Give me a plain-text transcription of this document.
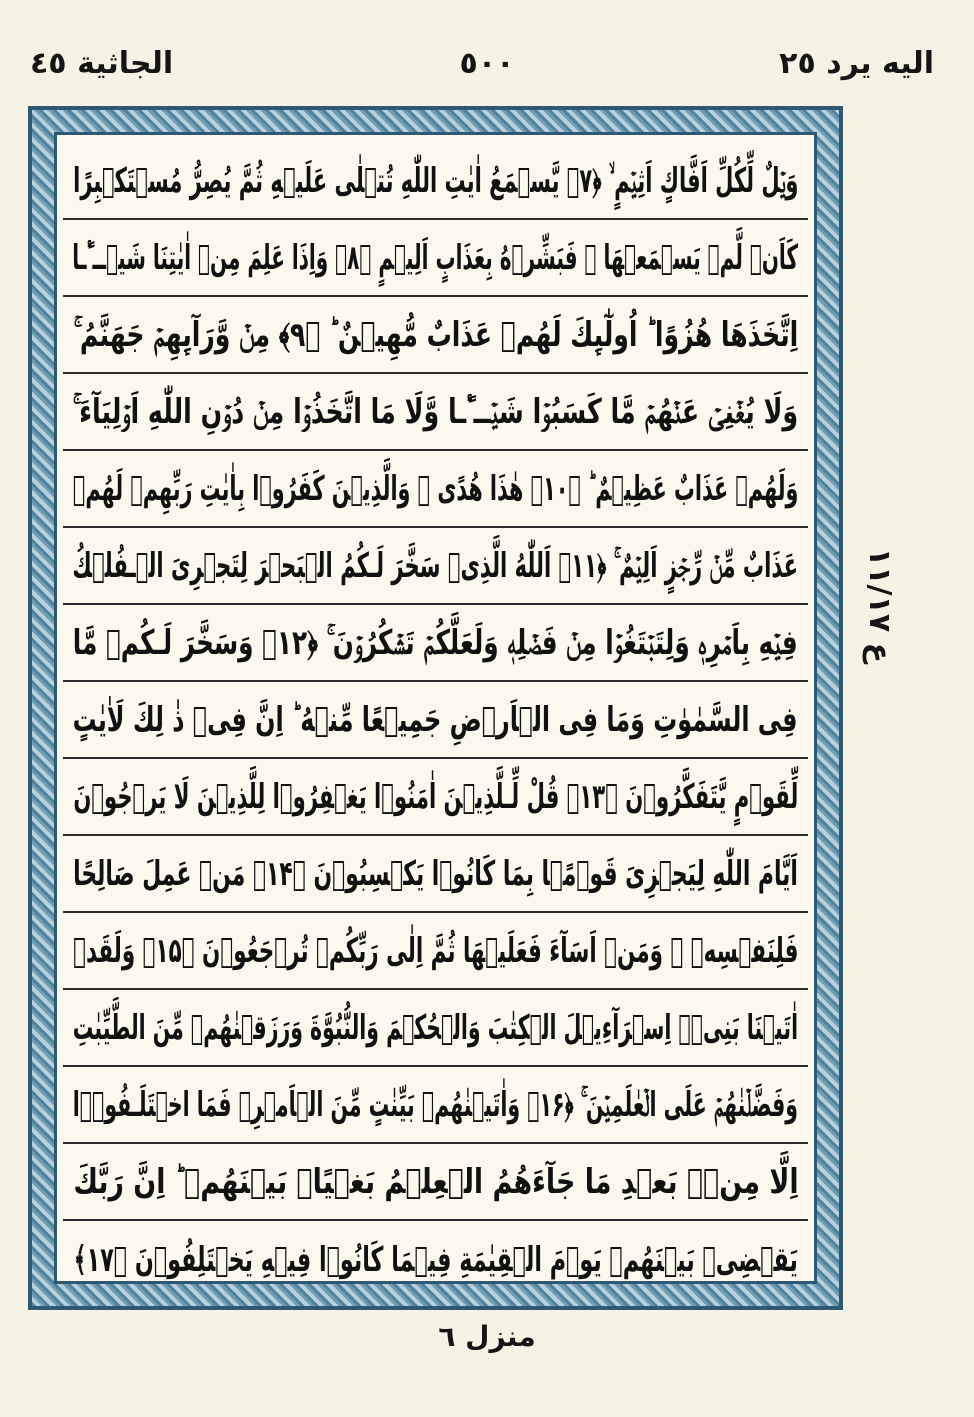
الجاثية ٤٥	٥٠٠	اليه يرد ٢٥
وَيۡلٌ لِّكُلِّ اَفَّاكٍ اَثِيۡمٍ ۙ‏ ﴿۷﴾ يَّسۡمَعُ اٰيٰتِ اللّٰهِ تُتۡلٰى عَلَيۡهِ ثُمَّ يُصِرُّ مُسۡتَكۡبِرًا
كَاَنۡ لَّمۡ يَسۡمَعۡهَا ۚ فَبَشِّرۡهُ بِعَذَابٍ اَلِيۡمٍ‏ ﴿۸﴾ وَاِذَا عَلِمَ مِنۡ اٰيٰتِنَا شَيۡــٴًـا
اِتَّخَذَهَا هُزُوًا ؕ اُولٰٓٮِٕكَ لَهُمۡ عَذَابٌ مُّهِيۡنٌ ؕ‏ ﴿۹﴾ مِنۡ وَّرَآٮِٕهِمۡ جَهَنَّمُ ۚ
وَلَا يُغۡنِىۡ عَنۡهُمۡ مَّا كَسَبُوۡا شَيۡــٴًـا وَّلَا مَا اتَّخَذُوۡا مِنۡ دُوۡنِ اللّٰهِ اَوۡلِيَآءَ ۚ
وَلَهُمۡ عَذَابٌ عَظِيۡمٌ ؕ‏ ﴿۱۰﴾ هٰذَا هُدًى ۚ وَالَّذِيۡنَ كَفَرُوۡا بِاٰيٰتِ رَبِّهِمۡ لَهُمۡ
عَذَابٌ مِّنۡ رِّجۡزٍ اَلِيۡمٌ ۚ‏ ﴿۱۱﴾ اَللّٰهُ الَّذِىۡ سَخَّرَ لَـكُمُ الۡبَحۡرَ لِتَجۡرِىَ الۡـفُلۡكُ
فِيۡهِ بِاَمۡرِهٖ وَلِتَبۡتَغُوۡا مِنۡ فَضۡلِهٖ وَلَعَلَّكُمۡ تَشۡكُرُوۡنَ ۚ‏ ﴿۱۲﴾ وَسَخَّرَ لَـكُمۡ مَّا
فِى السَّمٰوٰتِ وَمَا فِى الۡاَرۡضِ جَمِيۡعًا مِّنۡهُ ؕ اِنَّ فِىۡ ذٰ لِكَ لَاٰيٰتٍ
لِّقَوۡمٍ يَّتَفَكَّرُوۡنَ‏ ﴿۱۳﴾ قُلْ لِّـلَّذِيۡنَ اٰمَنُوۡا يَغۡفِرُوۡا لِلَّذِيۡنَ لَا يَرۡجُوۡنَ
اَيَّامَ اللّٰهِ لِيَجۡزِىَ قَوۡمًۢا بِمَا كَانُوۡا يَكۡسِبُوۡنَ‏ ﴿۱۴﴾ مَنۡ عَمِلَ صَالِحًا
فَلِنَفۡسِهٖ ۚ وَمَنۡ اَسَآءَ فَعَلَيۡهَا ثُمَّ اِلٰى رَبِّكُمۡ تُرۡجَعُوۡنَ‏ ﴿۱۵﴾ وَلَقَدۡ
اٰتَيۡنَا بَنِىۡۤ اِسۡرَآءِيۡلَ الۡكِتٰبَ وَالۡحُكۡمَ وَالنُّبُوَّةَ وَرَزَقۡنٰهُمۡ مِّنَ الطَّيِّبٰتِ
وَفَضَّلۡنٰهُمۡ عَلَى الۡعٰلَمِيۡنَ‌ ۚ‏ ﴿۱۶﴾ وَاٰتَيۡنٰهُمۡ بَيِّنٰتٍ مِّنَ الۡاَمۡرِ‌ۚ فَمَا اخۡتَلَـفُوۡۤا
اِلَّا مِنۡۢ بَعۡدِ مَا جَآءَهُمُ الۡعِلۡمُ بَغۡيًاۢ بَيۡنَهُمۡ‌ ؕ اِنَّ رَبَّكَ
يَقۡضِىۡ بَيۡنَهُمۡ يَوۡمَ الۡقِيٰمَةِ فِيۡمَا كَانُوۡا فِيۡهِ يَخۡتَلِفُوۡنَ‏ ﴿۱۷﴾
ع ١١/١٧
منزل ٦
